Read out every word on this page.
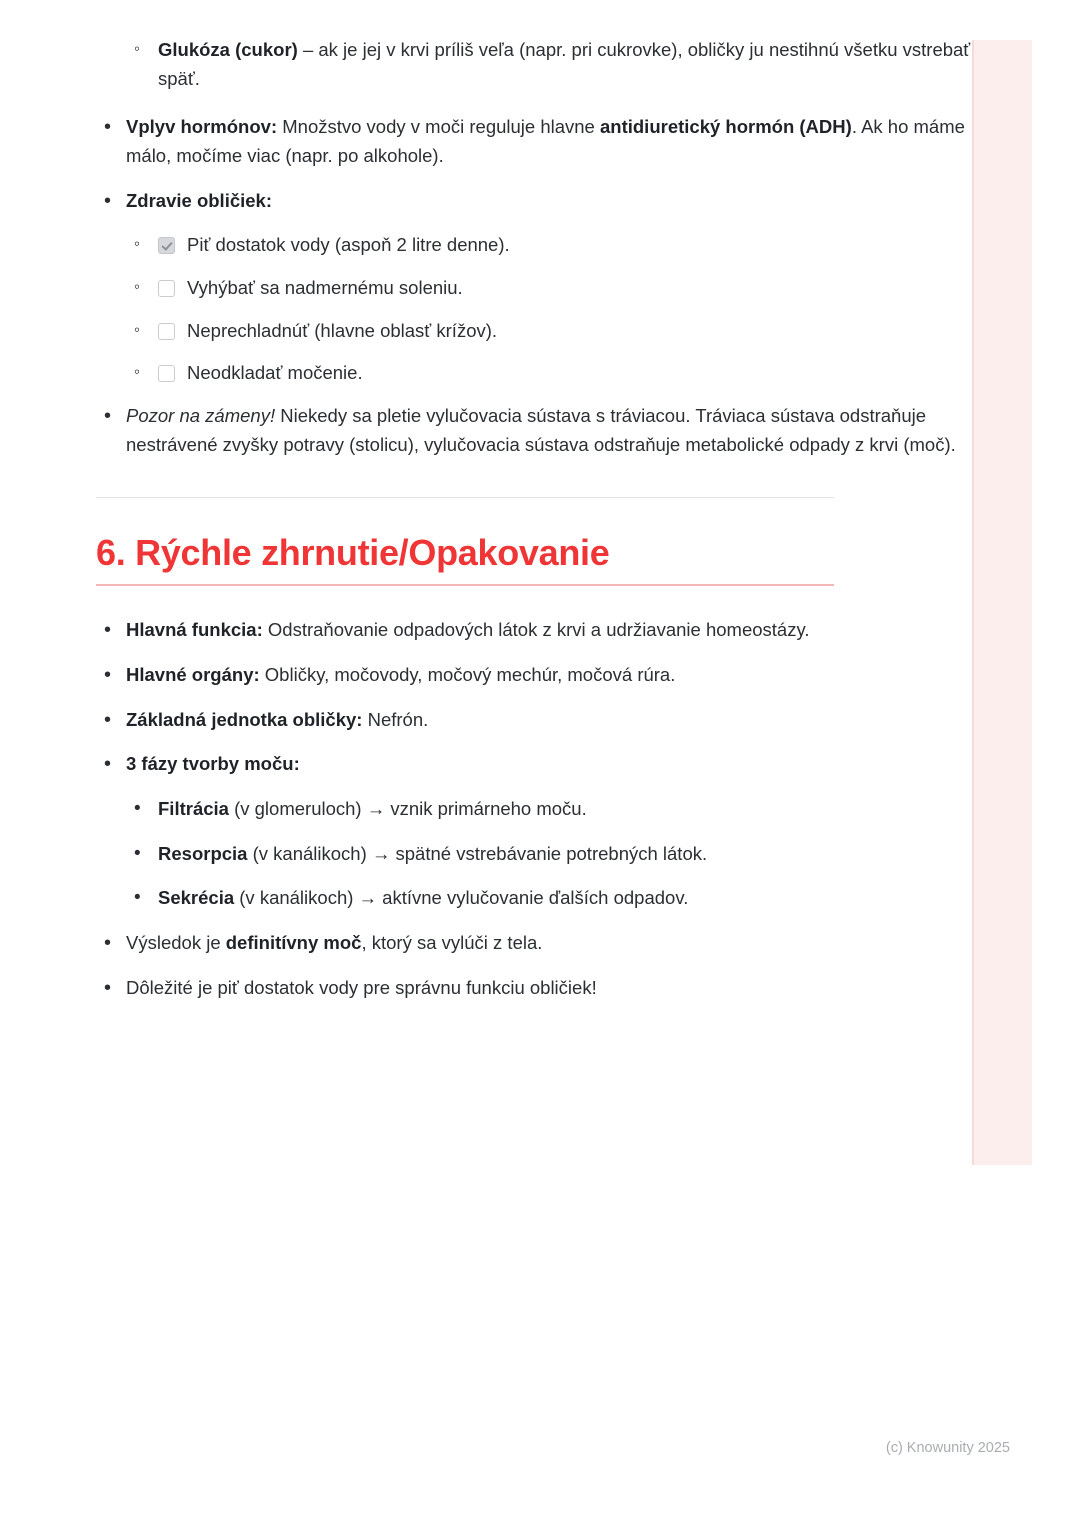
◦ Glukóza (cukor) – ak je jej v krvi príliš veľa (napr. pri cukrovke), obličky ju nestihnú všetku vstrebať späť.
• Vplyv hormónov: Množstvo vody v moči reguluje hlavne antidiuretický hormón (ADH). Ak ho máme málo, močíme viac (napr. po alkohole).
• Zdravie obličiek:
◦ Piť dostatok vody (aspoň 2 litre denne).
◦ Vyhýbať sa nadmernému soleniu.
◦ Neprechladnúť (hlavne oblasť krížov).
◦ Neodkladať močenie.
• Pozor na zámeny! Niekedy sa pletie vylučovacia sústava s tráviacou. Tráviaca sústava odstraňuje nestrávené zvyšky potravy (stolicu), vylučovacia sústava odstraňuje metabolické odpady z krvi (moč).
6. Rýchle zhrnutie/Opakovanie
• Hlavná funkcia: Odstraňovanie odpadových látok z krvi a udržiavanie homeostázy.
• Hlavné orgány: Obličky, močovody, močový mechúr, močová rúra.
• Základná jednotka obličky: Nefrón.
• 3 fázy tvorby moču:
• Filtrácia (v glomeruloch) → vznik primárneho moču.
• Resorpcia (v kanálikoch) → spätné vstrebávanie potrebných látok.
• Sekrécia (v kanálikoch) → aktívne vylučovanie ďalších odpadov.
• Výsledok je definitívny moč, ktorý sa vylúči z tela.
• Dôležité je piť dostatok vody pre správnu funkciu obličiek!
(c) Knowunity 2025
